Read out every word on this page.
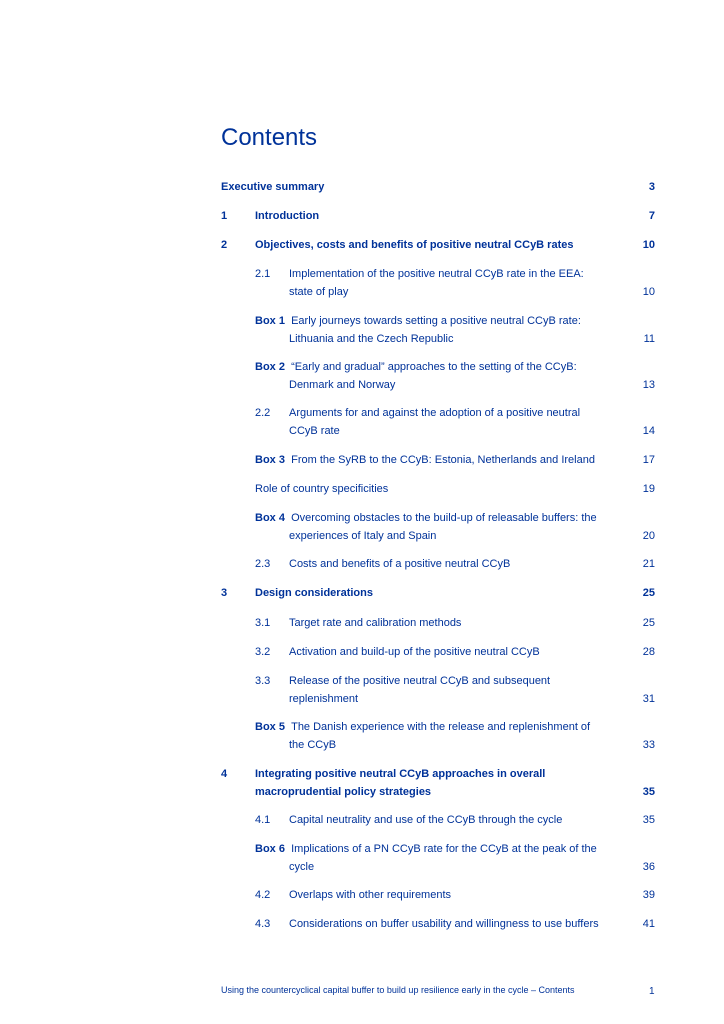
Contents
Executive summary	3
1	Introduction	7
2	Objectives, costs and benefits of positive neutral CCyB rates	10
2.1 Implementation of the positive neutral CCyB rate in the EEA:
state of play	10
Box 1 Early journeys towards setting a positive neutral CCyB rate:
Lithuania and the Czech Republic	11
Box 2 “Early and gradual” approaches to the setting of the CCyB:
Denmark and Norway	13
2.2 Arguments for and against the adoption of a positive neutral
CCyB rate	14
Box 3 From the SyRB to the CCyB: Estonia, Netherlands and Ireland	17
Role of country specificities	19
Box 4 Overcoming obstacles to the build-up of releasable buffers: the
experiences of Italy and Spain	20
2.3 Costs and benefits of a positive neutral CCyB	21
3	Design considerations	25
3.1 Target rate and calibration methods	25
3.2 Activation and build-up of the positive neutral CCyB	28
3.3 Release of the positive neutral CCyB and subsequent
replenishment	31
Box 5 The Danish experience with the release and replenishment of
the CCyB	33
4	Integrating positive neutral CCyB approaches in overall
macroprudential policy strategies	35
4.1 Capital neutrality and use of the CCyB through the cycle	35
Box 6 Implications of a PN CCyB rate for the CCyB at the peak of the
cycle	36
4.2 Overlaps with other requirements	39
4.3 Considerations on buffer usability and willingness to use buffers	41
Using the countercyclical capital buffer to build up resilience early in the cycle – Contents	1
